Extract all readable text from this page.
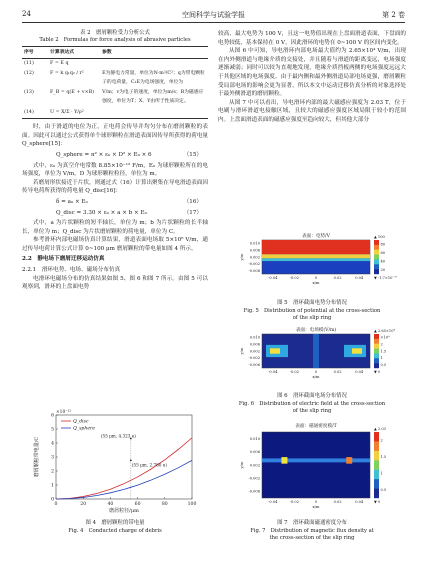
24	空间科学与试验学报	第 2 卷
表 2　磨屑颗粒受力分析公式
Table 2　Formulas for force analysis of abrasive particles
序号	计算表达式	参数
(11)	F = E q	
(12)	F = k q₁q₂ / r²	E为静电力常量，单位为N·m²/C²；q为带电颗粒子的电荷量，C₁E为电场强度，单位为
(13)	F_B = q(E + v×B)	V/m；v为电子的速度，单位为m/s；B为磁感应强度，单位为T；X、Y由所于性质决定。
(14)	U = X/Σ · Y/ρ²	

时，由于滑道的电位为正，正电荷会传导并均匀分布在磨屑颗粒的表面。因此可以通过公式获得单个球形颗粒在滑道表面因传导所获得的荷电量 Q_sphere[15]：

Q_sphere = π² × ε₀ × D² × E₀ × 6	（15）

式中，ε₀ 为真空介电常数 8.85×10⁻¹² F/m，E₀ 为球形颗粒所在的电场强度，单位为 V/m，D 为球形颗粒粒径，单位为 m。

若磨屑形状接近于片状，则通过式（16）计算出聚集在导电滑道表面因传导电荷所获得的荷电量 Q_disc[16]：

δ = a₀ × E₀	（16）
Q_disc = 3.30 × ε₀ × a × b × E₀	（17）

式中，a 为片状颗粒的短半轴长，单位为 m；b 为片状颗粒的长半轴长，单位为 m；Q_disc 为片状磨屑颗粒的荷电量，单位为 C。

参考滑环内部电磁场仿真计算结果，滑道表面电场取 5×10⁶ V/m，通过传导电荷计算公式计算 0~100 μm 磨屑颗粒的带电量如图 4 所示。

2.2　静电场下磨屑迁移运动仿真

2.2.1　滑环电势、电场、磁场分布仿真

电滑环电磁场分布的仿真结果如图 5、图 6 和图 7 所示。由图 5 可以观察到，滑环的上盘面电势

0	20	40	60	80	100
0
1
2
3
4
5
6
×10⁻¹²
磨屑粒径/μm
磨屑颗粒带电量/C
Q_disc
Q_sphere
(55 μm, 4.323 e)
(55 μm, 2.760 e)
图 4　磨屑颗粒的带电量
Fig. 4　Conducted charge of debris

较高，最大电势为 100 V，且这一电势值出现在上盘面滑道表面，下盘面的电势较低，基本保持在 0 V，因此滑环的电势在 0~100 V 的区间内变化。

从图 6 中可知，导电滑环内部电场最大值约为 2.65×10⁴ V/m，出现在内外侧滑道与绝缘介质的交接处，并且随着与滑道的距离变远，电场强度逐渐减弱；同时可以较为直观地发现，绝缘介质挡板两侧的电场强度远远大于其他区域的电场强度。由于最内侧和最外侧滑道局部电场更强，磨屑颗粒受局部电场的影响会更为显著，所以本文中运动迁移仿真分析的对象选择处于最外侧滑道的磨屑颗粒。

从图 7 中可以看出，导电滑环内部的最大磁感应强度为 2.03 T，位于电刷与滑环滑道电接触区域，且较大的磁感应强度区域局限于较小的范围内。上盘面滑道表面的磁感应强度至趋向较大，但其他大部分

表面：电势/V
0.010
0.006
0.002
-0.002
-0.006
y/m
-0.04	-0.02	0	0.02	0.04
x/m
▲ 100
80
60
40
20
▼ -1.7×10⁻¹⁷
图 5　滑环截面电势分布情况
Fig. 5　Distribution of potential at the cross-section
of the slip ring
表面：电场模(V/m)
0.010
0.006
0.002
-0.002
-0.006
y/m
-0.04	-0.02	0	0.02	0.04
x/m
▲ 2.65×10⁴
×10⁴
2
1.5
1
0.5
▼ 0
图 6　滑环截面电场分布情况
Fig. 6　Distribution of electric field at the cross-section
of the slip ring
表面：磁通密度模/T
0.010
0.006
0.002
-0.002
-0.006
y/m
-0.04	-0.02	0	0.02	0.04
x/m
▲ 2.03
2
1.5
1
0.5
▼ 0
图 7　滑环截面磁通密度分布
Fig. 7　Distribution of magnetic flux density at
the cross-section of the slip ring
